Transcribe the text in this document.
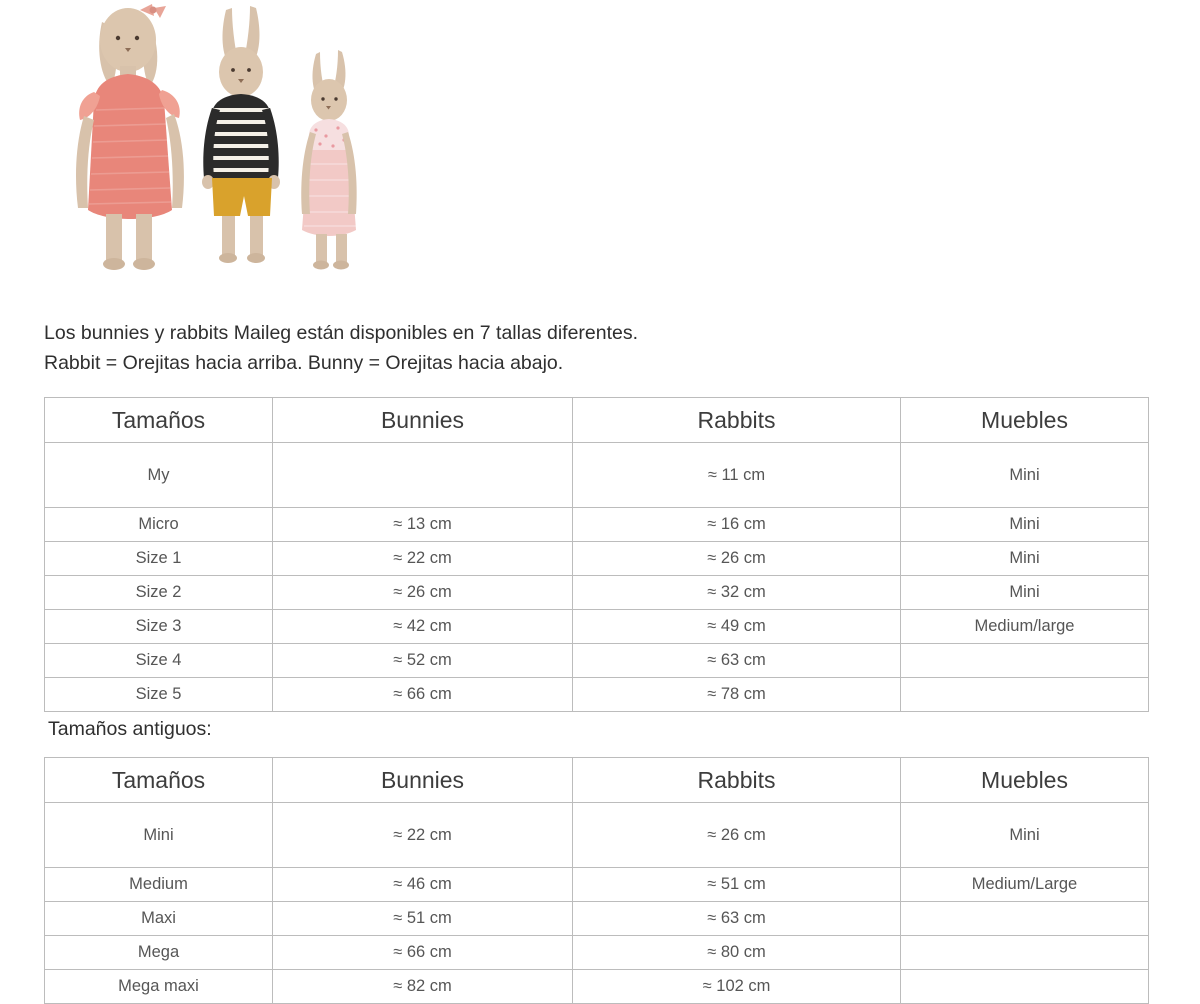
Los bunnies y rabbits Maileg están disponibles en 7 tallas diferentes.
Rabbit = Orejitas hacia arriba. Bunny = Orejitas hacia abajo.
Tamaños	Bunnies	Rabbits	Muebles
My		≈ 11 cm	Mini
Micro	≈ 13 cm	≈ 16 cm	Mini
Size 1	≈ 22 cm	≈ 26 cm	Mini
Size 2	≈ 26 cm	≈ 32 cm	Mini
Size 3	≈ 42 cm	≈ 49 cm	Medium/large
Size 4	≈ 52 cm	≈ 63 cm	
Size 5	≈ 66 cm	≈ 78 cm	
Tamaños antiguos:
Tamaños	Bunnies	Rabbits	Muebles
Mini	≈ 22 cm	≈ 26 cm	Mini
Medium	≈ 46 cm	≈ 51 cm	Medium/Large
Maxi	≈ 51 cm	≈ 63 cm	
Mega	≈ 66 cm	≈ 80 cm	
Mega maxi	≈ 82 cm	≈ 102 cm	
